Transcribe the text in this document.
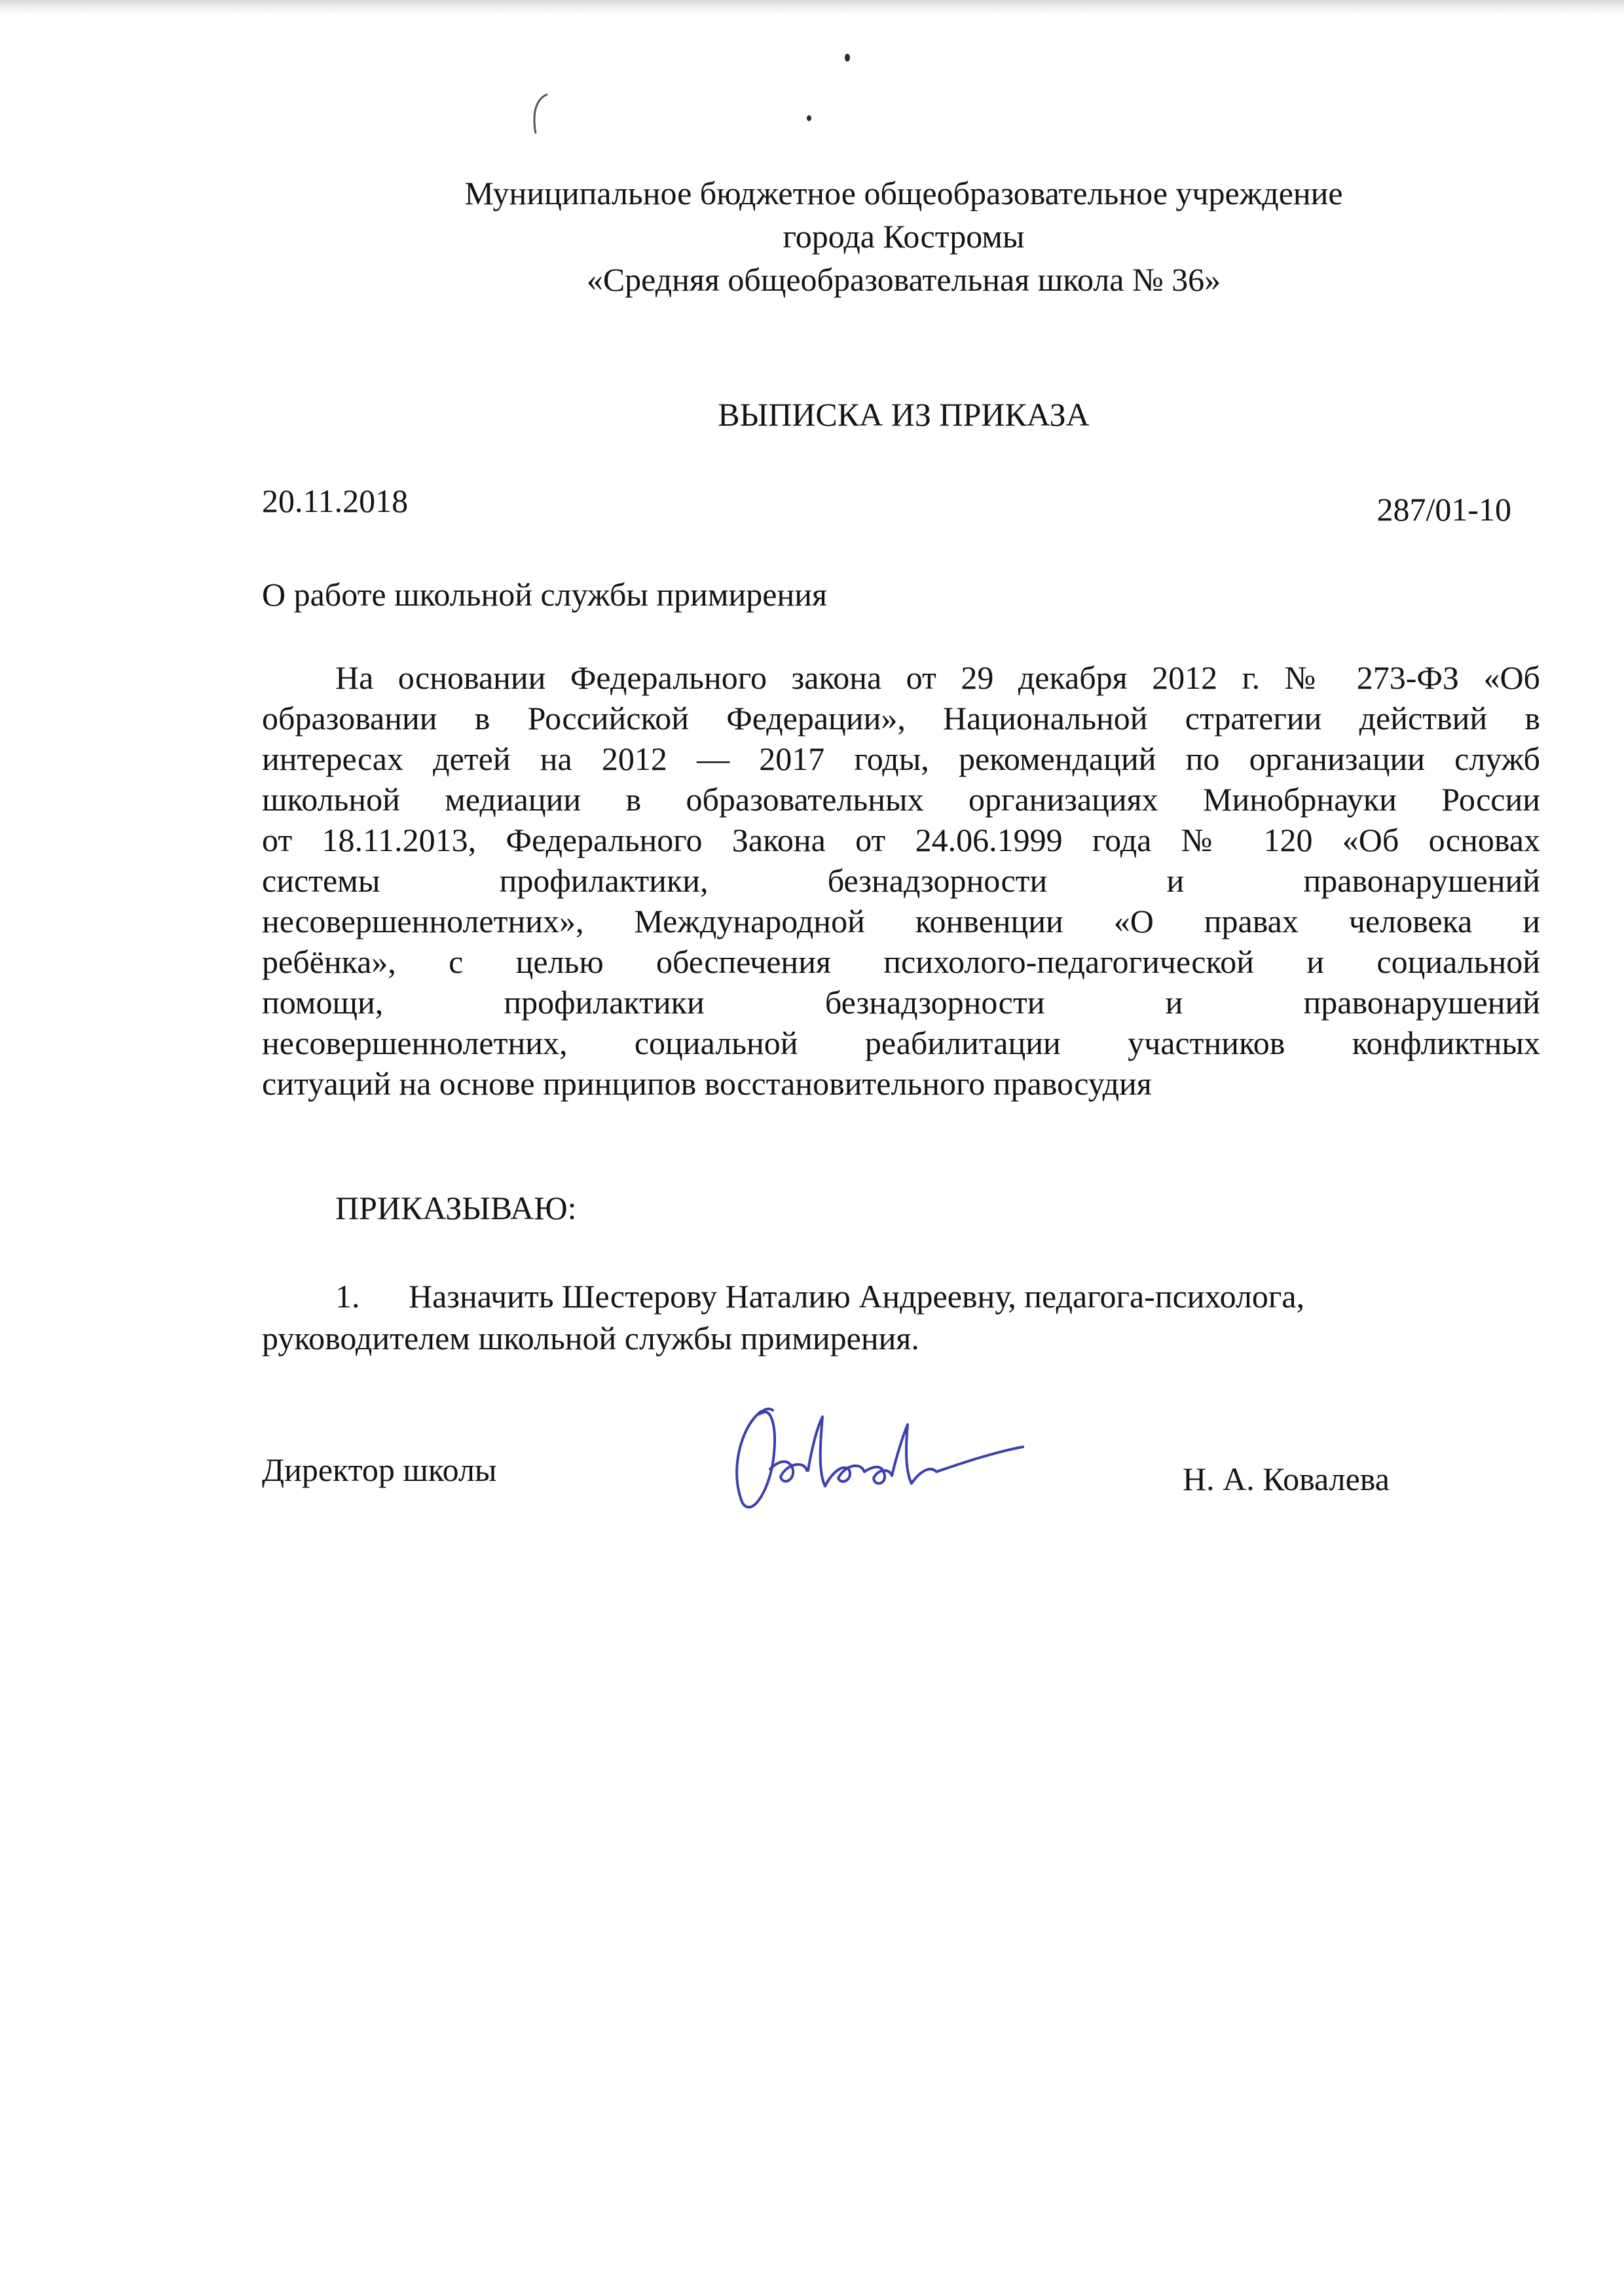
Муниципальное бюджетное общеобразовательное учреждение
города Костромы
«Средняя общеобразовательная школа № 36»
ВЫПИСКА ИЗ ПРИКАЗА
20.11.2018	287/01-10
О работе школьной службы примирения
На основании Федерального закона от 29 декабря 2012 г. № 273-ФЗ «Об
образовании в Российской Федерации», Национальной стратегии действий в
интересах детей на 2012 — 2017 годы, рекомендаций по организации служб
школьной медиации в образовательных организациях Минобрнауки России
от 18.11.2013, Федерального Закона от 24.06.1999 года № 120 «Об основах
системы профилактики, безнадзорности и правонарушений
несовершеннолетних», Международной конвенции «О правах человека и
ребёнка», с целью обеспечения психолого-педагогической и социальной
помощи, профилактики безнадзорности и правонарушений
несовершеннолетних, социальной реабилитации участников конфликтных
ситуаций на основе принципов восстановительного правосудия
ПРИКАЗЫВАЮ:
1. Назначить Шестерову Наталию Андреевну, педагога-психолога,
руководителем школьной службы примирения.
Директор школы	Н. А. Ковалева
